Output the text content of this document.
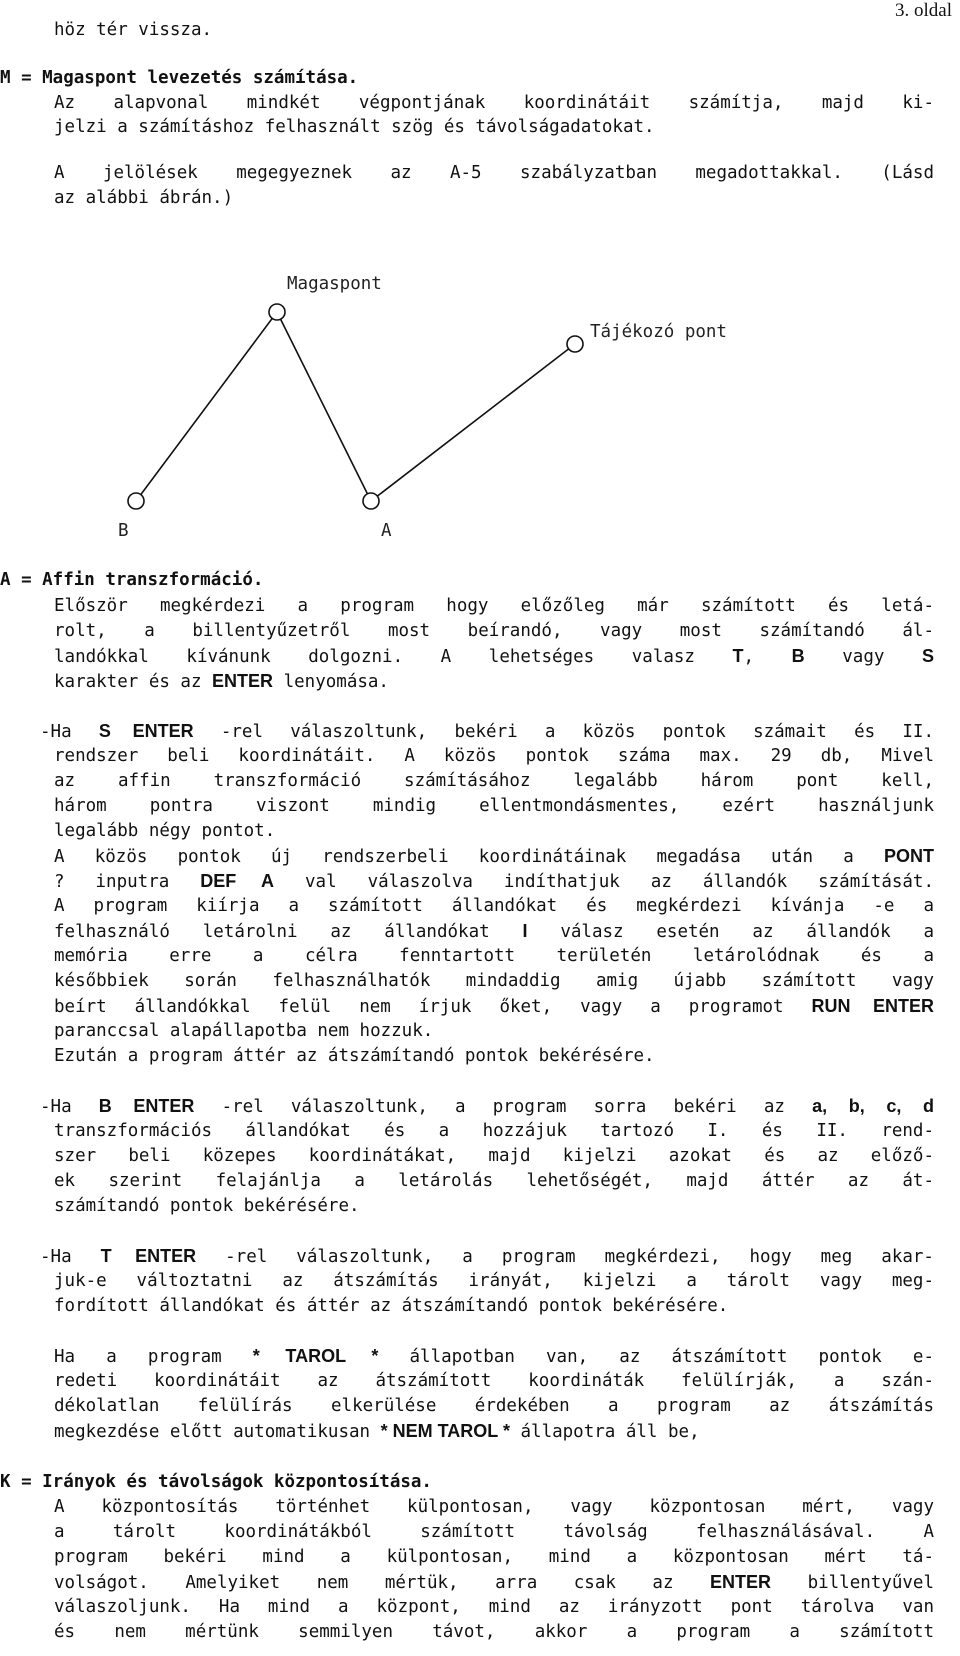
3. oldal
höz tér vissza.
M = Magaspont levezetés számítása.
Az alapvonal mindkét végpontjának koordinátáit számítja, majd ki-
jelzi a számításhoz felhasznált szög és távolságadatokat.
A jelölések megegyeznek az A-5 szabályzatban megadottakkal. (Lásd
az alábbi ábrán.)
Magaspont
Tájékozó pont
B	A
A = Affin transzformáció.
Először megkérdezi a program hogy előzőleg már számított és letá-
rolt, a billentyűzetről most beírandó, vagy most számítandó ál-
landókkal kívánunk dolgozni. A lehetséges valasz T, B vagy S
karakter és az ENTER lenyomása.
-Ha S ENTER -rel válaszoltunk, bekéri a közös pontok számait és II.
rendszer beli koordinátáit. A közös pontok száma max. 29 db, Mivel
az affin transzformáció számításához legalább három pont kell,
három pontra viszont mindig ellentmondásmentes, ezért használjunk
legalább négy pontot.
A közös pontok új rendszerbeli koordinátáinak megadása után a PONT
? inputra DEF A val válaszolva indíthatjuk az állandók számítását.
A program kiírja a számított állandókat és megkérdezi kívánja -e a
felhasználó letárolni az állandókat I válasz esetén az állandók a
memória erre a célra fenntartott területén letárolódnak és a
későbbiek során felhasználhatók mindaddig amig újabb számított vagy
beírt állandókkal felül nem írjuk őket, vagy a programot RUN ENTER
paranccsal alapállapotba nem hozzuk.
Ezután a program áttér az átszámítandó pontok bekérésére.
-Ha B ENTER -rel válaszoltunk, a program sorra bekéri az a, b, c, d
transzformációs állandókat és a hozzájuk tartozó I. és II. rend-
szer beli közepes koordinátákat, majd kijelzi azokat és az előző-
ek szerint felajánlja a letárolás lehetőségét, majd áttér az át-
számítandó pontok bekérésére.
-Ha T ENTER -rel válaszoltunk, a program megkérdezi, hogy meg akar-
juk-e változtatni az átszámítás irányát, kijelzi a tárolt vagy meg-
fordított állandókat és áttér az átszámítandó pontok bekérésére.
Ha a program * TAROL * állapotban van, az átszámított pontok e-
redeti koordinátáit az átszámított koordináták felülírják, a szán-
dékolatlan felülírás elkerülése érdekében a program az átszámítás
megkezdése előtt automatikusan * NEM TAROL * állapotra áll be,
K = Irányok és távolságok központosítása.
A központosítás történhet külpontosan, vagy központosan mért, vagy
a tárolt koordinátákból számított távolság felhasználásával. A
program bekéri mind a külpontosan, mind a központosan mért tá-
volságot. Amelyiket nem mértük, arra csak az ENTER billentyűvel
válaszoljunk. Ha mind a központ, mind az irányzott pont tárolva van
és nem mértünk semmilyen távot, akkor a program a számított
